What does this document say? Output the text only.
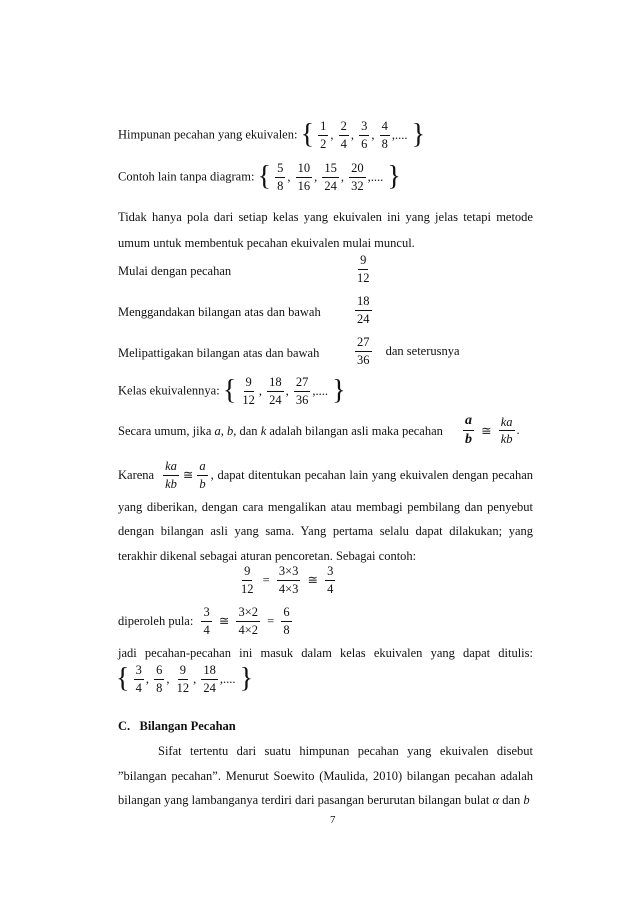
Himpunan pecahan yang ekuivalen: { $\frac{1}{2}$ , $\frac{2}{4}$ , $\frac{3}{6}$ , $\frac{4}{8}$ ,.... }
Contoh lain tanpa diagram: { $\frac{5}{8}$ , $\frac{10}{16}$ , $\frac{15}{24}$ , $\frac{20}{32}$ ,.... }
Tidak hanya pola dari setiap kelas yang ekuivalen ini yang jelas tetapi metode
umum untuk membentuk pecahan ekuivalen mulai muncul.
Mulai dengan pecahan	$\frac{9}{12}$
Menggandakan bilangan atas dan bawah	$\frac{18}{24}$
Melipattigakan bilangan atas dan bawah	$\frac{27}{36}$ dan seterusnya
Kelas ekuivalennya: { $\frac{9}{12}$ , $\frac{18}{24}$ , $\frac{27}{36}$ ,.... }
Secara umum, jika a, b, dan k adalah bilangan asli maka pecahan $\frac{a}{b}$ ≅ $\frac{ka}{kb}$ .
Karena $\frac{ka}{kb}$ ≅ $\frac{a}{b}$ , dapat ditentukan pecahan lain yang ekuivalen dengan pecahan
yang diberikan, dengan cara mengalikan atau membagi pembilang dan penyebut
dengan bilangan asli yang sama. Yang pertama selalu dapat dilakukan; yang
terakhir dikenal sebagai aturan pencoretan. Sebagai contoh:
$\frac{9}{12} = \frac{3\times 3}{4\times 3}$ ≅ $\frac{3}{4}$
diperoleh pula: $\frac{3}{4}$ ≅ $\frac{3\times 2}{4\times 2} = \frac{6}{8}$
jadi pecahan-pecahan ini masuk dalam kelas ekuivalen yang dapat ditulis:
{ $\frac{3}{4}$ , $\frac{6}{8}$ , $\frac{9}{12}$ , $\frac{18}{24}$ ,.... }
C.   Bilangan Pecahan
Sifat tertentu dari suatu himpunan pecahan yang ekuivalen disebut
”bilangan pecahan”. Menurut Soewito (Maulida, 2010) bilangan pecahan adalah
bilangan yang lambanganya terdiri dari pasangan berurutan bilangan bulat α dan b
7
